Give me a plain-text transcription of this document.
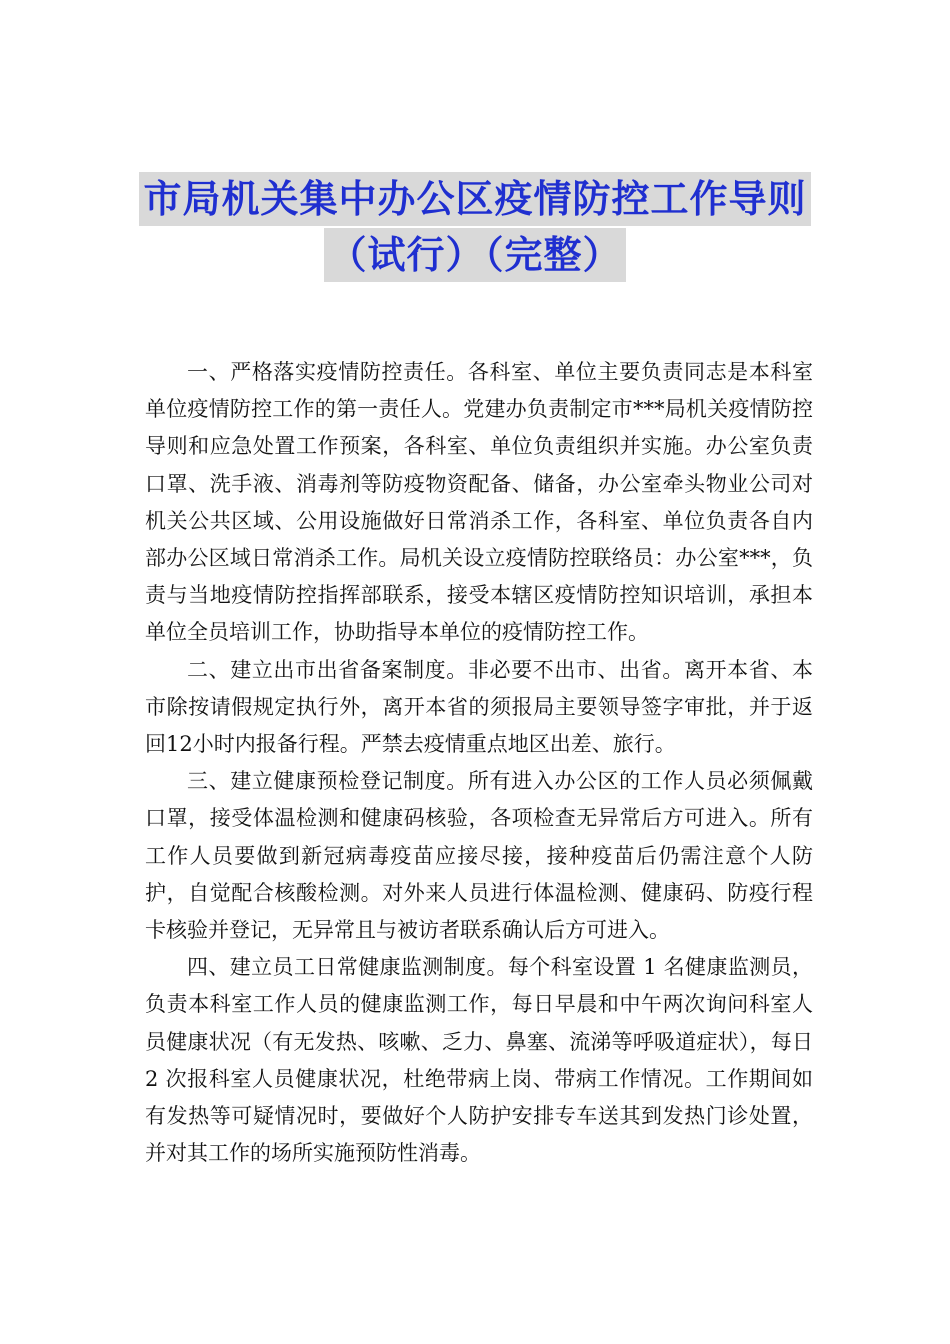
市局机关集中办公区疫情防控工作导则
（试行）（完整）

一、严格落实疫情防控责任。各科室、单位主要负责同志是本科室单位疫情防控工作的第一责任人。党建办负责制定市***局机关疫情防控导则和应急处置工作预案，各科室、单位负责组织并实施。办公室负责口罩、洗手液、消毒剂等防疫物资配备、储备，办公室牵头物业公司对机关公共区域、公用设施做好日常消杀工作，各科室、单位负责各自内部办公区域日常消杀工作。局机关设立疫情防控联络员：办公室***，负责与当地疫情防控指挥部联系，接受本辖区疫情防控知识培训，承担本单位全员培训工作，协助指导本单位的疫情防控工作。

二、建立出市出省备案制度。非必要不出市、出省。离开本省、本市除按请假规定执行外，离开本省的须报局主要领导签字审批，并于返回12小时内报备行程。严禁去疫情重点地区出差、旅行。

三、建立健康预检登记制度。所有进入办公区的工作人员必须佩戴口罩，接受体温检测和健康码核验，各项检查无异常后方可进入。所有工作人员要做到新冠病毒疫苗应接尽接，接种疫苗后仍需注意个人防护，自觉配合核酸检测。对外来人员进行体温检测、健康码、防疫行程卡核验并登记，无异常且与被访者联系确认后方可进入。

四、建立员工日常健康监测制度。每个科室设置 1 名健康监测员，负责本科室工作人员的健康监测工作，每日早晨和中午两次询问科室人员健康状况（有无发热、咳嗽、乏力、鼻塞、流涕等呼吸道症状），每日 2 次报科室人员健康状况，杜绝带病上岗、带病工作情况。工作期间如有发热等可疑情况时，要做好个人防护安排专车送其到发热门诊处置，并对其工作的场所实施预防性消毒。
